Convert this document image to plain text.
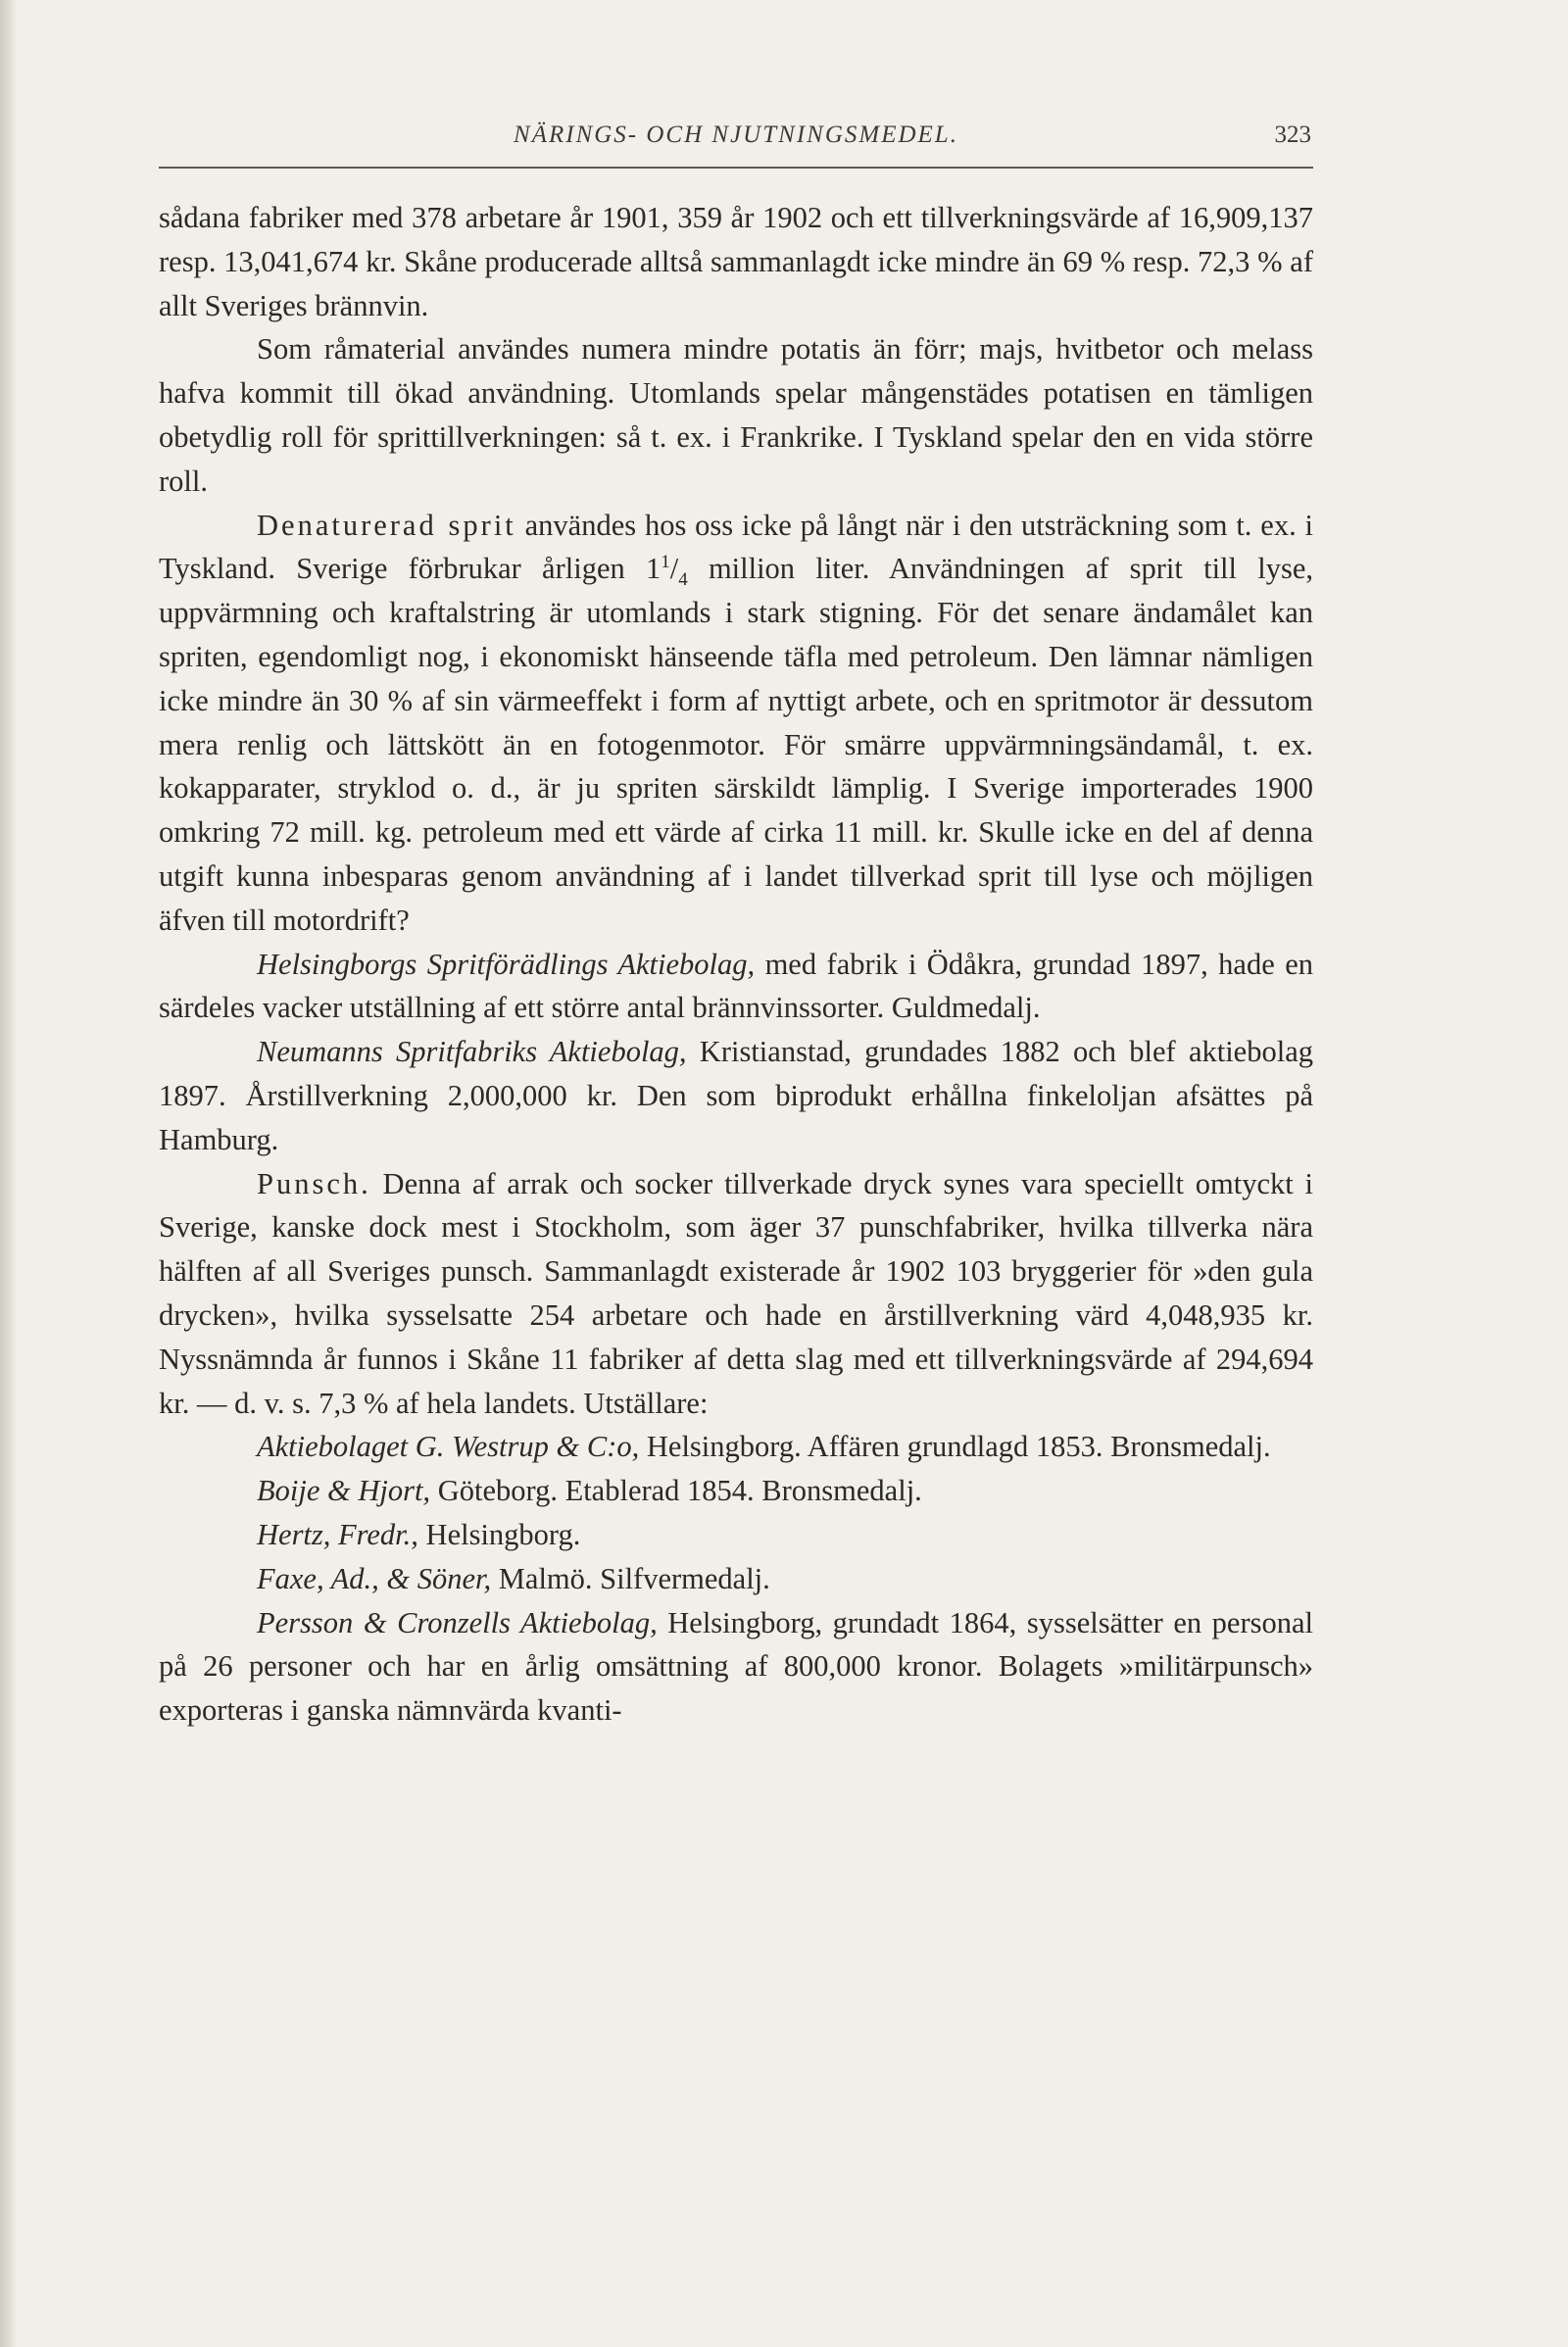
NÄRINGS- OCH NJUTNINGSMEDEL.	323

sådana fabriker med 378 arbetare år 1901, 359 år 1902 och ett tillverkningsvärde af 16,909,137 resp. 13,041,674 kr. Skåne producerade alltså sammanlagdt icke mindre än 69 % resp. 72,3 % af allt Sveriges brännvin.

Som råmaterial användes numera mindre potatis än förr; majs, hvitbetor och melass hafva kommit till ökad användning. Utomlands spelar mångenstädes potatisen en tämligen obetydlig roll för sprittillverkningen: så t. ex. i Frankrike. I Tyskland spelar den en vida större roll.

Denaturerad sprit användes hos oss icke på långt när i den utsträckning som t. ex. i Tyskland. Sverige förbrukar årligen $1^1/_4$ million liter. Användningen af sprit till lyse, uppvärmning och kraftalstring är utomlands i stark stigning. För det senare ändamålet kan spriten, egendomligt nog, i ekonomiskt hänseende täfla med petroleum. Den lämnar nämligen icke mindre än 30 % af sin värmeeffekt i form af nyttigt arbete, och en spritmotor är dessutom mera renlig och lättskött än en fotogenmotor. För smärre uppvärmningsändamål, t. ex. kokapparater, stryklod o. d., är ju spriten särskildt lämplig. I Sverige importerades 1900 omkring 72 mill. kg. petroleum med ett värde af cirka 11 mill. kr. Skulle icke en del af denna utgift kunna inbesparas genom användning af i landet tillverkad sprit till lyse och möjligen äfven till motordrift?

Helsingborgs Spritförädlings Aktiebolag, med fabrik i Ödåkra, grundad 1897, hade en särdeles vacker utställning af ett större antal brännvinssorter. Guldmedalj.

Neumanns Spritfabriks Aktiebolag, Kristianstad, grundades 1882 och blef aktiebolag 1897. Årstillverkning 2,000,000 kr. Den som biprodukt erhållna finkeloljan afsättes på Hamburg.

Punsch. Denna af arrak och socker tillverkade dryck synes vara speciellt omtyckt i Sverige, kanske dock mest i Stockholm, som äger 37 punschfabriker, hvilka tillverka nära hälften af all Sveriges punsch. Sammanlagdt existerade år 1902 103 bryggerier för »den gula drycken», hvilka sysselsatte 254 arbetare och hade en årstillverkning värd 4,048,935 kr. Nyssnämnda år funnos i Skåne 11 fabriker af detta slag med ett tillverkningsvärde af 294,694 kr. — d. v. s. 7,3 % af hela landets. Utställare:

Aktiebolaget G. Westrup & C:o, Helsingborg. Affären grundlagd 1853. Bronsmedalj.

Boije & Hjort, Göteborg. Etablerad 1854. Bronsmedalj.

Hertz, Fredr., Helsingborg.

Faxe, Ad., & Söner, Malmö. Silfvermedalj.

Persson & Cronzells Aktiebolag, Helsingborg, grundadt 1864, sysselsätter en personal på 26 personer och har en årlig omsättning af 800,000 kronor. Bolagets »militärpunsch» exporteras i ganska nämnvärda kvanti-
